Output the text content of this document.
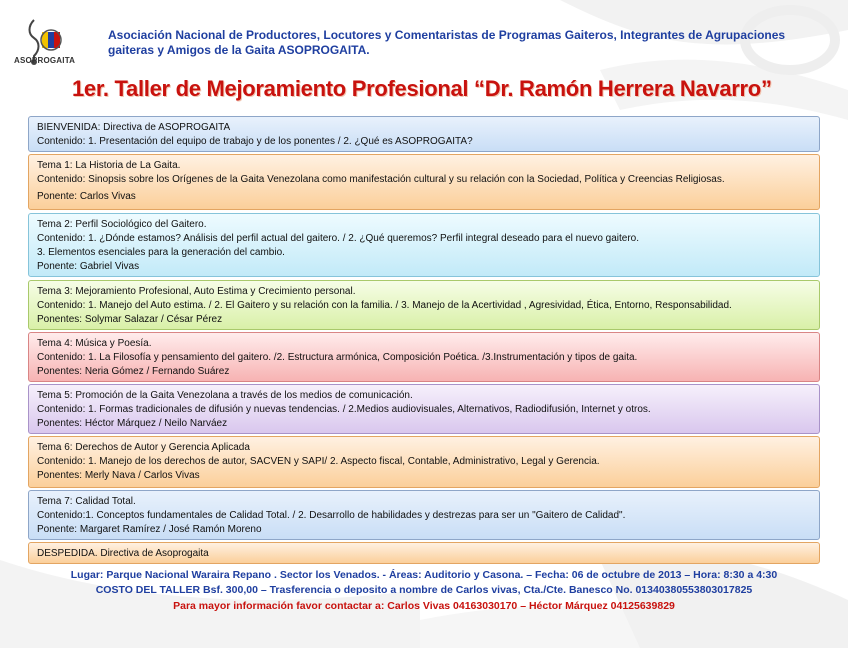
ASOPROGAITA
Asociación Nacional de Productores, Locutores y Comentaristas de Programas Gaiteros, Integrantes de Agrupaciones
gaiteras y Amigos de la Gaita ASOPROGAITA.
1er. Taller de Mejoramiento Profesional “Dr. Ramón Herrera Navarro”
BIENVENIDA: Directiva de ASOPROGAITA
Contenido: 1. Presentación del equipo de trabajo y de los ponentes / 2. ¿Qué es ASOPROGAITA?
Tema 1: La Historia de La Gaita.
Contenido: Sinopsis sobre los Orígenes de la Gaita Venezolana como manifestación cultural y su relación con la Sociedad, Política y Creencias Religiosas.
Ponente: Carlos Vivas
Tema 2: Perfil Sociológico del Gaitero.
Contenido: 1. ¿Dónde estamos? Análisis del perfil actual del gaitero. / 2. ¿Qué queremos? Perfil integral deseado para el nuevo gaitero.
3. Elementos esenciales para la generación del cambio.
Ponente: Gabriel Vivas
Tema 3: Mejoramiento Profesional, Auto Estima y Crecimiento personal.
Contenido: 1. Manejo del Auto estima. / 2. El Gaitero y su relación con la familia. / 3. Manejo de la Acertividad , Agresividad, Ética, Entorno, Responsabilidad.
Ponentes: Solymar Salazar / César Pérez
Tema 4: Música y Poesía.
Contenido: 1. La Filosofía y pensamiento del gaitero. /2. Estructura armónica, Composición Poética. /3.Instrumentación y tipos de gaita.
Ponentes: Neria Gómez / Fernando Suárez
Tema 5: Promoción de la Gaita Venezolana a través de los medios de comunicación.
Contenido: 1. Formas tradicionales de difusión y nuevas tendencias. / 2.Medios audiovisuales, Alternativos, Radiodifusión, Internet y otros.
Ponentes: Héctor Márquez / Neilo Narváez
Tema 6: Derechos de Autor y Gerencia Aplicada
Contenido: 1. Manejo de los derechos de autor, SACVEN y SAPI/ 2. Aspecto fiscal, Contable, Administrativo, Legal y Gerencia.
Ponentes: Merly Nava / Carlos Vivas
Tema 7: Calidad Total.
Contenido:1. Conceptos fundamentales de Calidad Total. / 2. Desarrollo de habilidades y destrezas para ser un "Gaitero de Calidad".
Ponente: Margaret Ramírez / José Ramón Moreno
DESPEDIDA. Directiva de Asoprogaita
Lugar: Parque Nacional Waraira Repano . Sector los Venados. - Áreas: Auditorio y Casona. – Fecha: 06 de octubre de 2013 – Hora: 8:30 a 4:30
COSTO DEL TALLER Bsf. 300,00 – Trasferencia o deposito a nombre de Carlos vivas, Cta./Cte. Banesco No. 01340380553803017825
Para mayor información favor contactar a: Carlos Vivas 04163030170 – Héctor Márquez 04125639829
